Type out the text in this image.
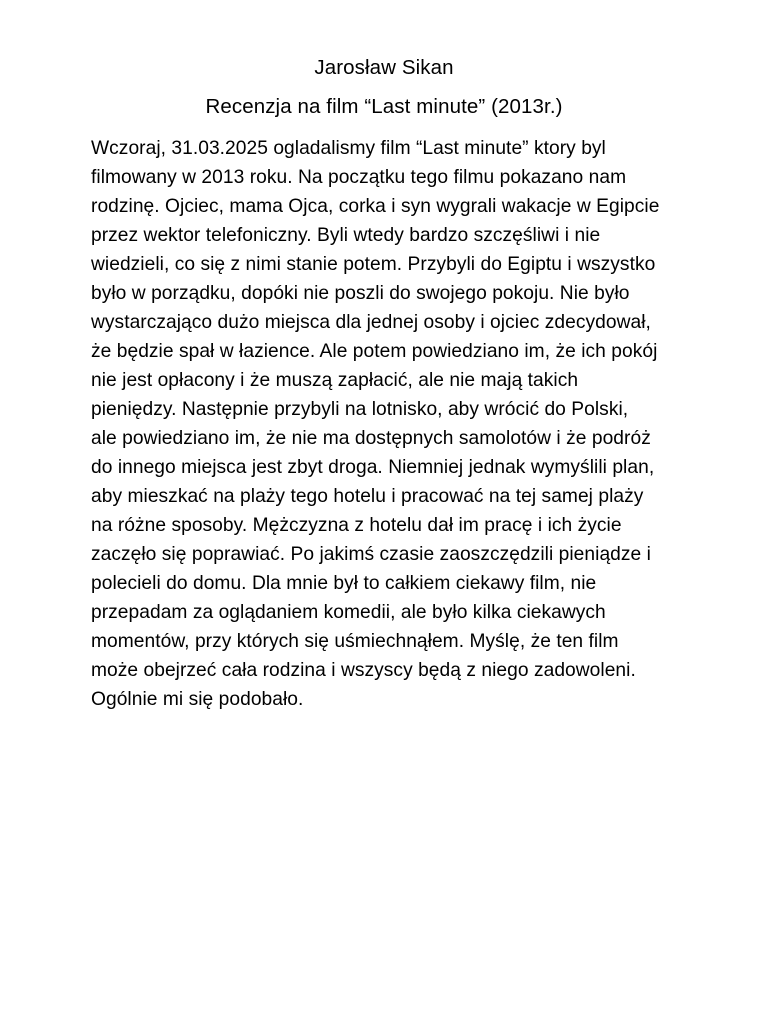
Jarosław Sikan
Recenzja na film “Last minute” (2013r.)
Wczoraj, 31.03.2025 ogladalismy film “Last minute” ktory byl
filmowany w 2013 roku. Na początku tego filmu pokazano nam
rodzinę. Ojciec, mama Ojca, corka i syn wygrali wakacje w Egipcie
przez wektor telefoniczny. Byli wtedy bardzo szczęśliwi i nie
wiedzieli, co się z nimi stanie potem. Przybyli do Egiptu i wszystko
było w porządku, dopóki nie poszli do swojego pokoju. Nie było
wystarczająco dużo miejsca dla jednej osoby i ojciec zdecydował,
że będzie spał w łazience. Ale potem powiedziano im, że ich pokój
nie jest opłacony i że muszą zapłacić, ale nie mają takich
pieniędzy. Następnie przybyli na lotnisko, aby wrócić do Polski,
ale powiedziano im, że nie ma dostępnych samolotów i że podróż
do innego miejsca jest zbyt droga. Niemniej jednak wymyślili plan,
aby mieszkać na plaży tego hotelu i pracować na tej samej plaży
na różne sposoby. Mężczyzna z hotelu dał im pracę i ich życie
zaczęło się poprawiać. Po jakimś czasie zaoszczędzili pieniądze i
polecieli do domu. Dla mnie był to całkiem ciekawy film, nie
przepadam za oglądaniem komedii, ale było kilka ciekawych
momentów, przy których się uśmiechnąłem. Myślę, że ten film
może obejrzeć cała rodzina i wszyscy będą z niego zadowoleni.
Ogólnie mi się podobało.
